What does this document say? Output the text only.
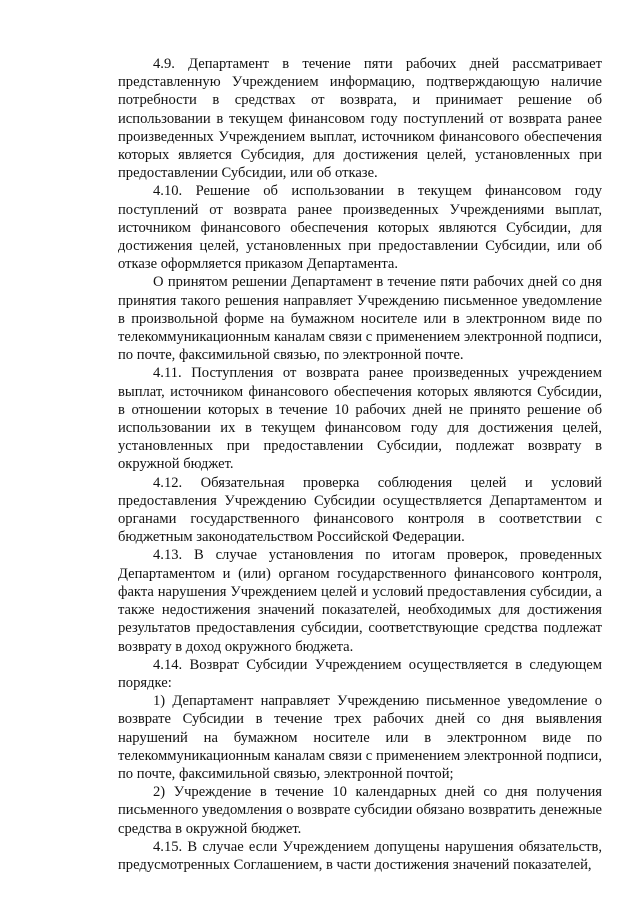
4.9. Департамент в течение пяти рабочих дней рассматривает представленную Учреждением информацию, подтверждающую наличие потребности в средствах от возврата, и принимает решение об использовании в текущем финансовом году поступлений от возврата ранее произведенных Учреждением выплат, источником финансового обеспечения которых является Субсидия, для достижения целей, установленных при предоставлении Субсидии, или об отказе.

4.10. Решение об использовании в текущем финансовом году поступлений от возврата ранее произведенных Учреждениями выплат, источником финансового обеспечения которых являются Субсидии, для достижения целей, установленных при предоставлении Субсидии, или об отказе оформляется приказом Департамента.

О принятом решении Департамент в течение пяти рабочих дней со дня принятия такого решения направляет Учреждению письменное уведомление в произвольной форме на бумажном носителе или в электронном виде по телекоммуникационным каналам связи с применением электронной подписи, по почте, факсимильной связью, по электронной почте.

4.11. Поступления от возврата ранее произведенных учреждением выплат, источником финансового обеспечения которых являются Субсидии, в отношении которых в течение 10 рабочих дней не принято решение об использовании их в текущем финансовом году для достижения целей, установленных при предоставлении Субсидии, подлежат возврату в окружной бюджет.

4.12. Обязательная проверка соблюдения целей и условий предоставления Учреждению Субсидии осуществляется Департаментом и органами государственного финансового контроля в соответствии с бюджетным законодательством Российской Федерации.

4.13. В случае установления по итогам проверок, проведенных Департаментом и (или) органом государственного финансового контроля, факта нарушения Учреждением целей и условий предоставления субсидии, а также недостижения значений показателей, необходимых для достижения результатов предоставления субсидии, соответствующие средства подлежат возврату в доход окружного бюджета.

4.14. Возврат Субсидии Учреждением осуществляется в следующем порядке:

1) Департамент направляет Учреждению письменное уведомление о возврате Субсидии в течение трех рабочих дней со дня выявления нарушений на бумажном носителе или в электронном виде по телекоммуникационным каналам связи с применением электронной подписи, по почте, факсимильной связью, электронной почтой;

2) Учреждение в течение 10 календарных дней со дня получения письменного уведомления о возврате субсидии обязано возвратить денежные средства в окружной бюджет.

4.15. В случае если Учреждением допущены нарушения обязательств, предусмотренных Соглашением, в части достижения значений показателей,
